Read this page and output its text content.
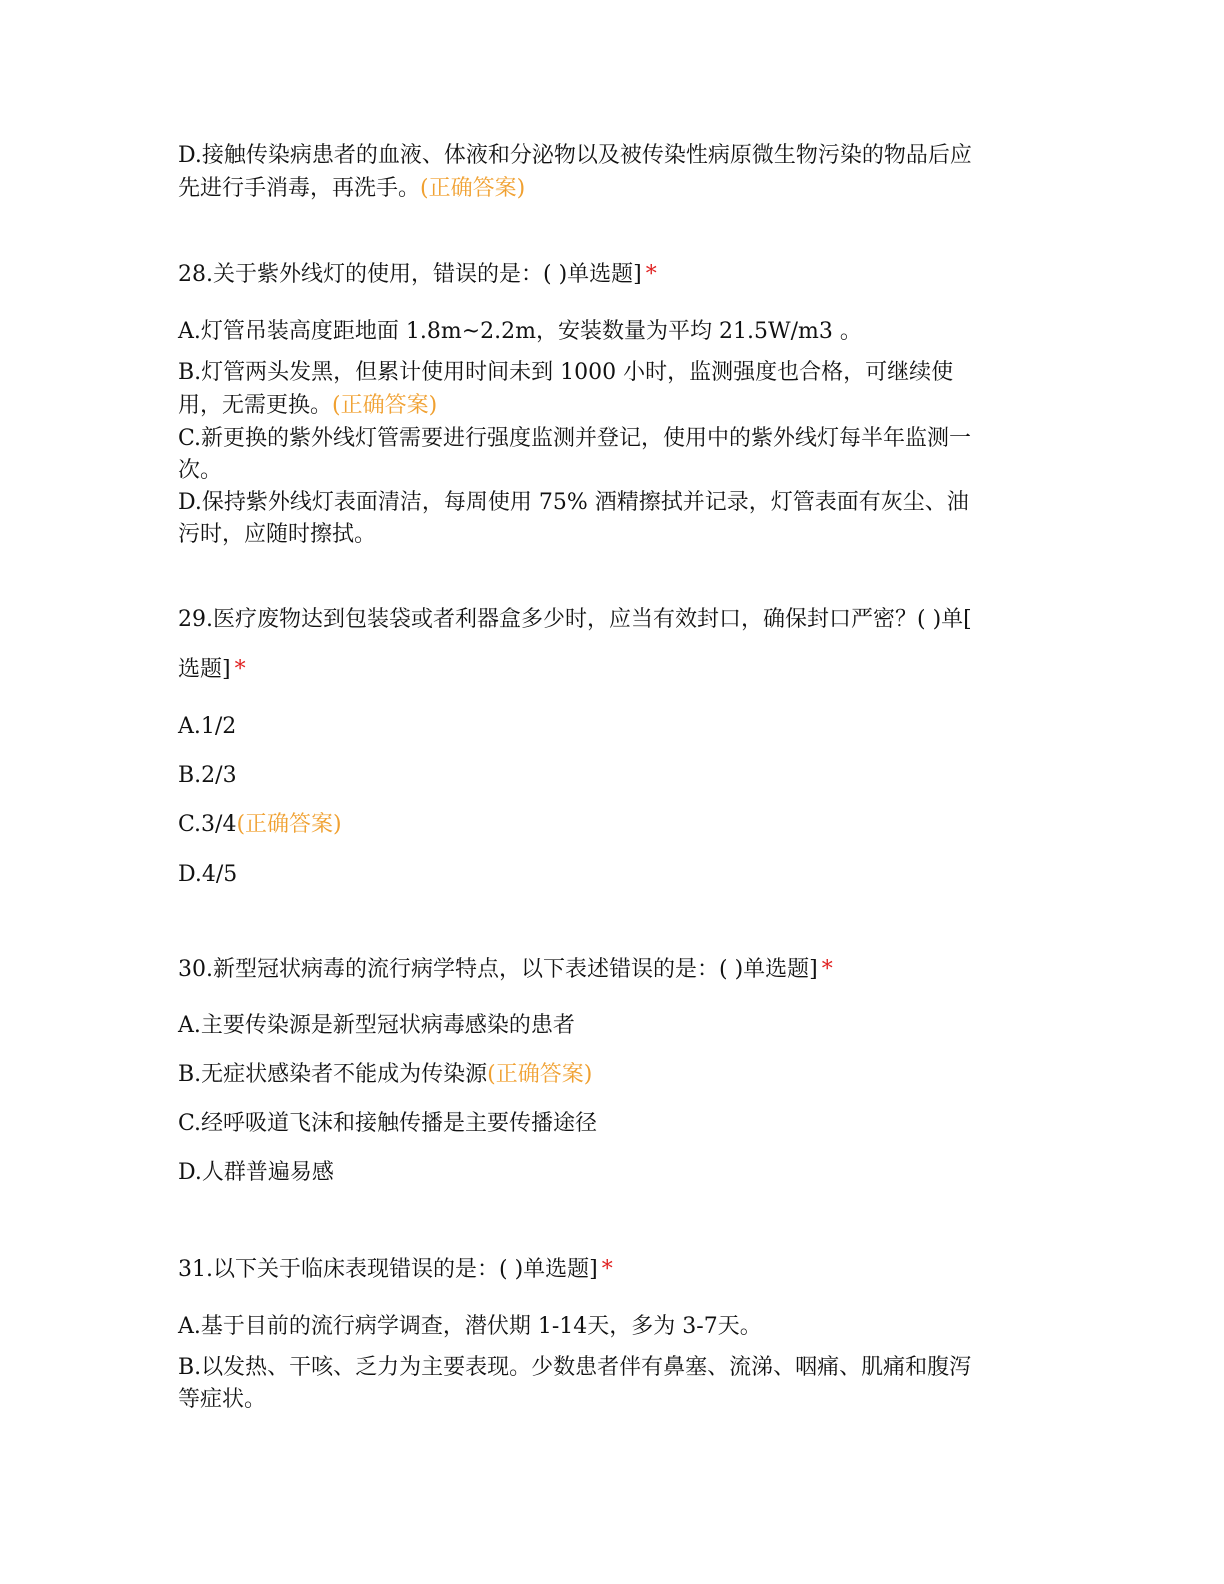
D.接触传染病患者的血液、体液和分泌物以及被传染性病原微生物污染的物品后应
先进行手消毒，再洗手。(正确答案)
28.关于紫外线灯的使用，错误的是：( )单选题] *
A.灯管吊装高度距地面 1.8m~2.2m，安装数量为平均 21.5W/m3 。
B.灯管两头发黑，但累计使用时间未到 1000 小时，监测强度也合格，可继续使
用，无需更换。(正确答案)
C.新更换的紫外线灯管需要进行强度监测并登记，使用中的紫外线灯每半年监测一
次。
D.保持紫外线灯表面清洁，每周使用 75% 酒精擦拭并记录，灯管表面有灰尘、油
污时，应随时擦拭。
29.医疗废物达到包装袋或者利器盒多少时，应当有效封口，确保封口严密？( )单[
选题] *
A.1/2
B.2/3
C.3/4(正确答案)
D.4/5
30.新型冠状病毒的流行病学特点，以下表述错误的是：( )单选题] *
A.主要传染源是新型冠状病毒感染的患者
B.无症状感染者不能成为传染源(正确答案)
C.经呼吸道飞沫和接触传播是主要传播途径
D.人群普遍易感
31.以下关于临床表现错误的是：( )单选题] *
A.基于目前的流行病学调查，潜伏期 1-14天，多为 3-7天。
B.以发热、干咳、乏力为主要表现。少数患者伴有鼻塞、流涕、咽痛、肌痛和腹泻
等症状。
